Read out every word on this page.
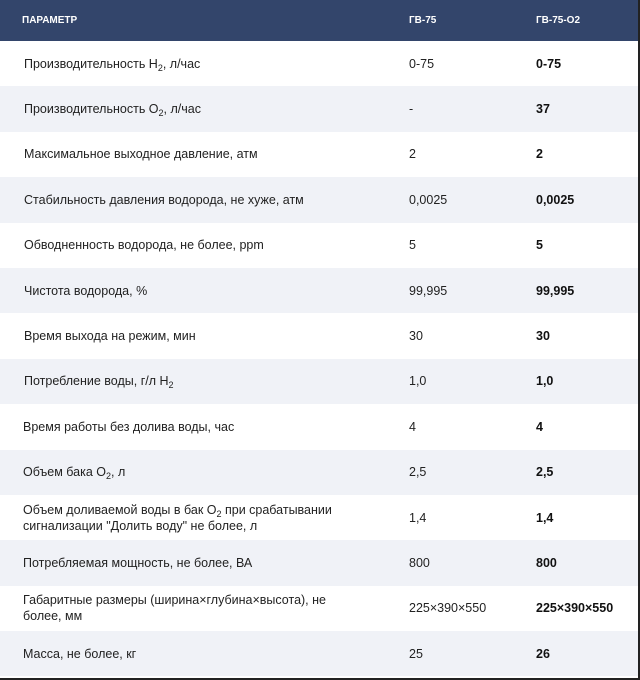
ПАРАМЕТР	ГВ-75	ГВ-75-О2
Производительность $H_2$, л/час	0-75	0-75
Производительность $O_2$, л/час	-	37
Максимальное выходное давление, атм	2	2
Стабильность давления водорода, не хуже, атм	0,0025	0,0025
Обводненность водорода, не более, ppm	5	5
Чистота водорода, %	99,995	99,995
Время выхода на режим, мин	30	30
Потребление воды, г/л $H_2$	1,0	1,0
Время работы без долива воды, час	4	4
Объем бака $O_2$, л	2,5	2,5
Объем доливаемой воды в бак $O_2$ при срабатывании сигнализации "Долить воду" не более, л	1,4	1,4
Потребляемая мощность, не более, ВА	800	800
Габаритные размеры (ширина×глубина×высота), не более, мм	225×390×550	225×390×550
Масса, не более, кг	25	26
